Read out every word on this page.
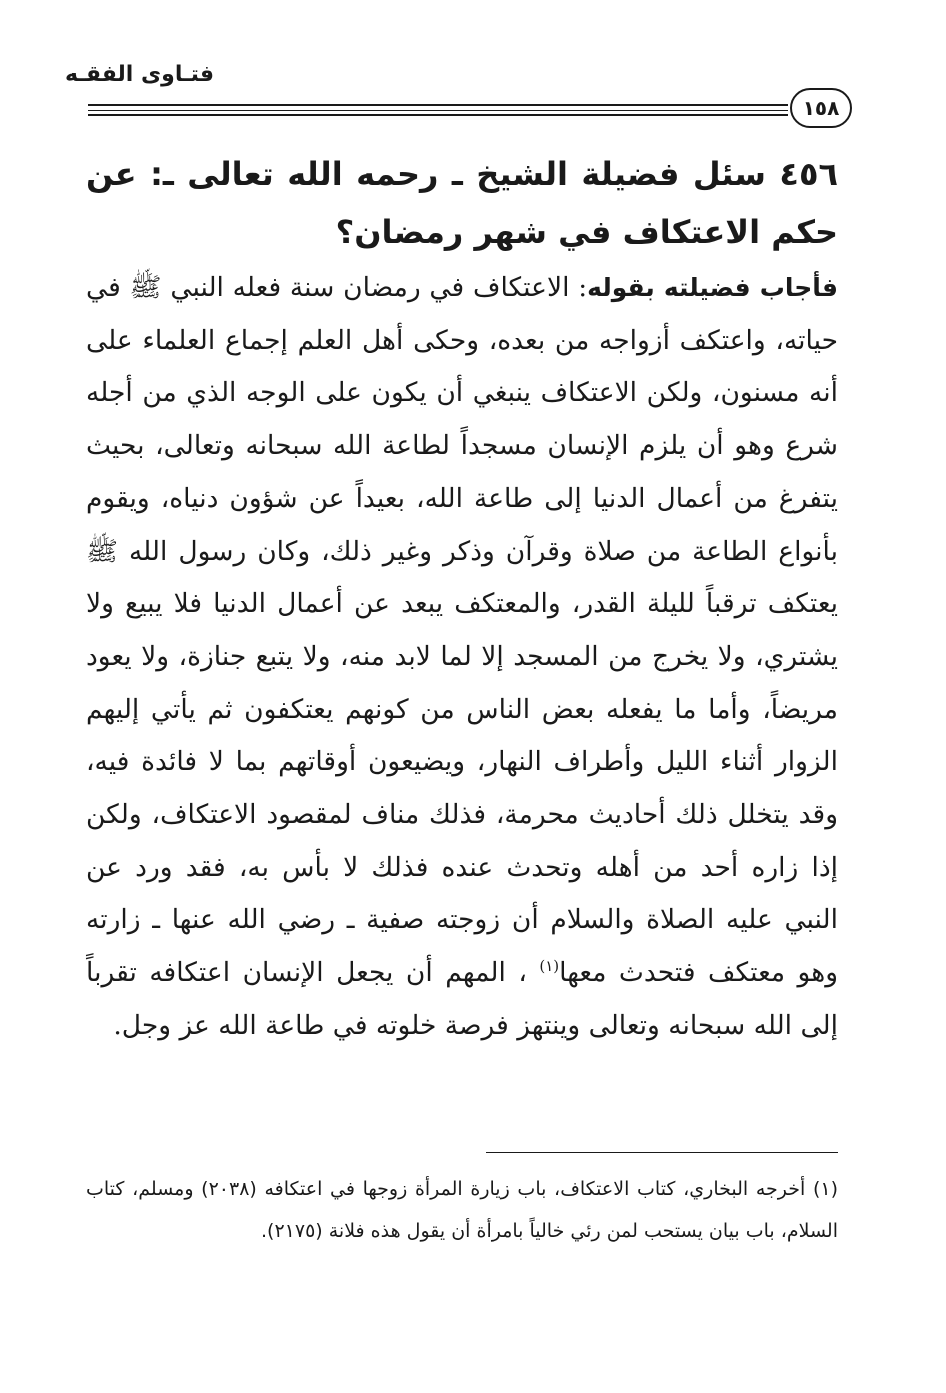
فتـاوى الفقـه
١٥٨
٤٥٦ سئل فضيلة الشيخ ـ رحمه الله تعالى ـ: عن حكم الاعتكاف في شهر رمضان؟
فأجاب فضيلته بقوله: الاعتكاف في رمضان سنة فعله النبي ﷺ في حياته، واعتكف أزواجه من بعده، وحكى أهل العلم إجماع العلماء على أنه مسنون، ولكن الاعتكاف ينبغي أن يكون على الوجه الذي من أجله شرع وهو أن يلزم الإنسان مسجداً لطاعة الله سبحانه وتعالى، بحيث يتفرغ من أعمال الدنيا إلى طاعة الله، بعيداً عن شؤون دنياه، ويقوم بأنواع الطاعة من صلاة وقرآن وذكر وغير ذلك، وكان رسول الله ﷺ يعتكف ترقباً لليلة القدر، والمعتكف يبعد عن أعمال الدنيا فلا يبيع ولا يشتري، ولا يخرج من المسجد إلا لما لابد منه، ولا يتبع جنازة، ولا يعود مريضاً، وأما ما يفعله بعض الناس من كونهم يعتكفون ثم يأتي إليهم الزوار أثناء الليل وأطراف النهار، ويضيعون أوقاتهم بما لا فائدة فيه، وقد يتخلل ذلك أحاديث محرمة، فذلك مناف لمقصود الاعتكاف، ولكن إذا زاره أحد من أهله وتحدث عنده فذلك لا بأس به، فقد ورد عن النبي عليه الصلاة والسلام أن زوجته صفية ـ رضي الله عنها ـ زارته وهو معتكف فتحدث معها$^{(١)}$ ، المهم أن يجعل الإنسان اعتكافه تقرباً إلى الله سبحانه وتعالى وينتهز فرصة خلوته في طاعة الله عز وجل.
(١) أخرجه البخاري، كتاب الاعتكاف، باب زيارة المرأة زوجها في اعتكافه (٢٠٣٨) ومسلم، كتاب السلام، باب بيان يستحب لمن رئي خالياً بامرأة أن يقول هذه فلانة (٢١٧٥).
